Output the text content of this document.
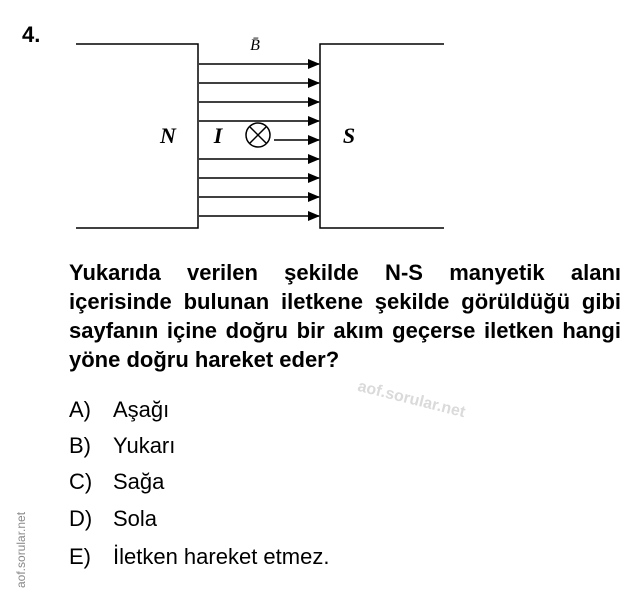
4.	B̄
N	S
I
Yukarıda verilen şekilde N-S manyetik alanı içerisinde bulunan iletkene şekilde görüldüğü gibi sayfanın içine doğru bir akım geçerse iletken hangi yöne doğru hareket eder?
aof.sorular.net
A) Aşağı
B) Yukarı
C) Sağa
D) Sola
E) İletken hareket etmez.
aof.sorular.net
